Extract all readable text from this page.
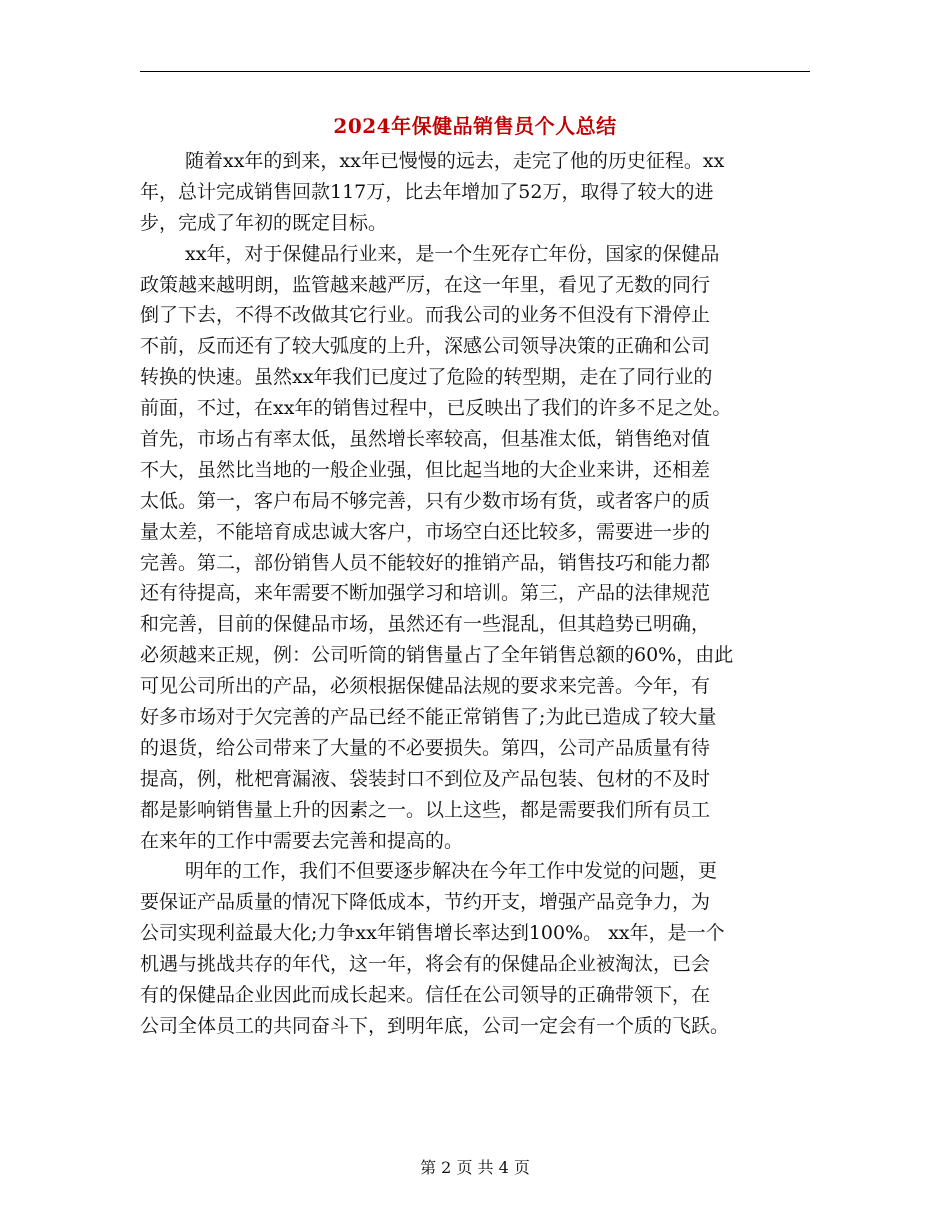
2024年保健品销售员个人总结
随着xx年的到来，xx年已慢慢的远去，走完了他的历史征程。xx
年，总计完成销售回款117万，比去年增加了52万，取得了较大的进
步，完成了年初的既定目标。
xx年，对于保健品行业来，是一个生死存亡年份，国家的保健品
政策越来越明朗，监管越来越严厉，在这一年里，看见了无数的同行
倒了下去，不得不改做其它行业。而我公司的业务不但没有下滑停止
不前，反而还有了较大弧度的上升，深感公司领导决策的正确和公司
转换的快速。虽然xx年我们已度过了危险的转型期，走在了同行业的
前面，不过，在xx年的销售过程中，已反映出了我们的许多不足之处。
首先，市场占有率太低，虽然增长率较高，但基准太低，销售绝对值
不大，虽然比当地的一般企业强，但比起当地的大企业来讲，还相差
太低。第一，客户布局不够完善，只有少数市场有货，或者客户的质
量太差，不能培育成忠诚大客户，市场空白还比较多，需要进一步的
完善。第二，部份销售人员不能较好的推销产品，销售技巧和能力都
还有待提高，来年需要不断加强学习和培训。第三，产品的法律规范
和完善，目前的保健品市场，虽然还有一些混乱，但其趋势已明确，
必须越来正规，例：公司听筒的销售量占了全年销售总额的60%，由此
可见公司所出的产品，必须根据保健品法规的要求来完善。今年，有
好多市场对于欠完善的产品已经不能正常销售了;为此已造成了较大量
的退货，给公司带来了大量的不必要损失。第四，公司产品质量有待
提高，例，枇杷膏漏液、袋装封口不到位及产品包装、包材的不及时
都是影响销售量上升的因素之一。以上这些，都是需要我们所有员工
在来年的工作中需要去完善和提高的。
明年的工作，我们不但要逐步解决在今年工作中发觉的问题，更
要保证产品质量的情况下降低成本，节约开支，增强产品竞争力，为
公司实现利益最大化;力争xx年销售增长率达到100%。 xx年，是一个
机遇与挑战共存的年代，这一年，将会有的保健品企业被淘汰，已会
有的保健品企业因此而成长起来。信任在公司领导的正确带领下，在
公司全体员工的共同奋斗下，到明年底，公司一定会有一个质的飞跃。
第 2 页 共 4 页
